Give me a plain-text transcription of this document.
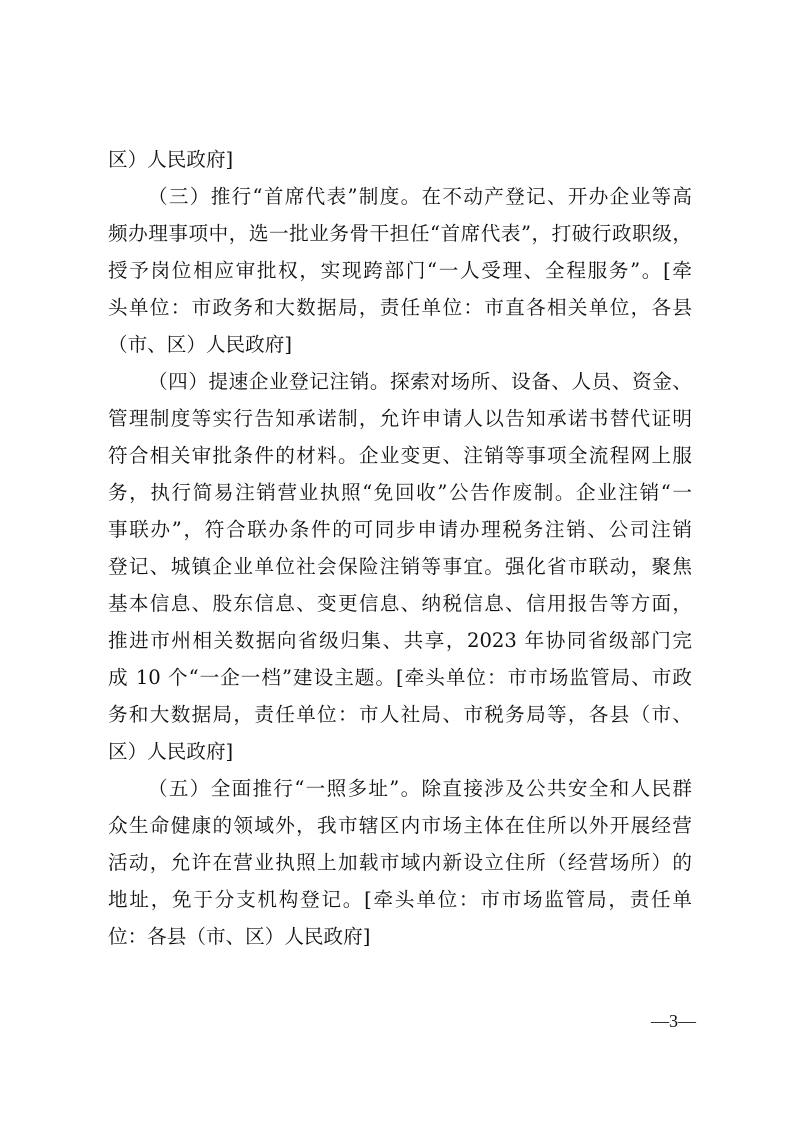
区）人民政府]
（三）推行“首席代表”制度。在不动产登记、开办企业等高
频办理事项中，选一批业务骨干担任“首席代表”，打破行政职级，
授予岗位相应审批权，实现跨部门“一人受理、全程服务”。[牵
头单位：市政务和大数据局，责任单位：市直各相关单位，各县
（市、区）人民政府]
（四）提速企业登记注销。探索对场所、设备、人员、资金、
管理制度等实行告知承诺制，允许申请人以告知承诺书替代证明
符合相关审批条件的材料。企业变更、注销等事项全流程网上服
务，执行简易注销营业执照“免回收”公告作废制。企业注销“一
事联办”，符合联办条件的可同步申请办理税务注销、公司注销
登记、城镇企业单位社会保险注销等事宜。强化省市联动，聚焦
基本信息、股东信息、变更信息、纳税信息、信用报告等方面，
推进市州相关数据向省级归集、共享，2023 年协同省级部门完
成 10 个“一企一档”建设主题。[牵头单位：市市场监管局、市政
务和大数据局，责任单位：市人社局、市税务局等，各县（市、
区）人民政府]
（五）全面推行“一照多址”。除直接涉及公共安全和人民群
众生命健康的领域外，我市辖区内市场主体在住所以外开展经营
活动，允许在营业执照上加载市域内新设立住所（经营场所）的
地址，免于分支机构登记。[牵头单位：市市场监管局，责任单
位：各县（市、区）人民政府]
—3—
